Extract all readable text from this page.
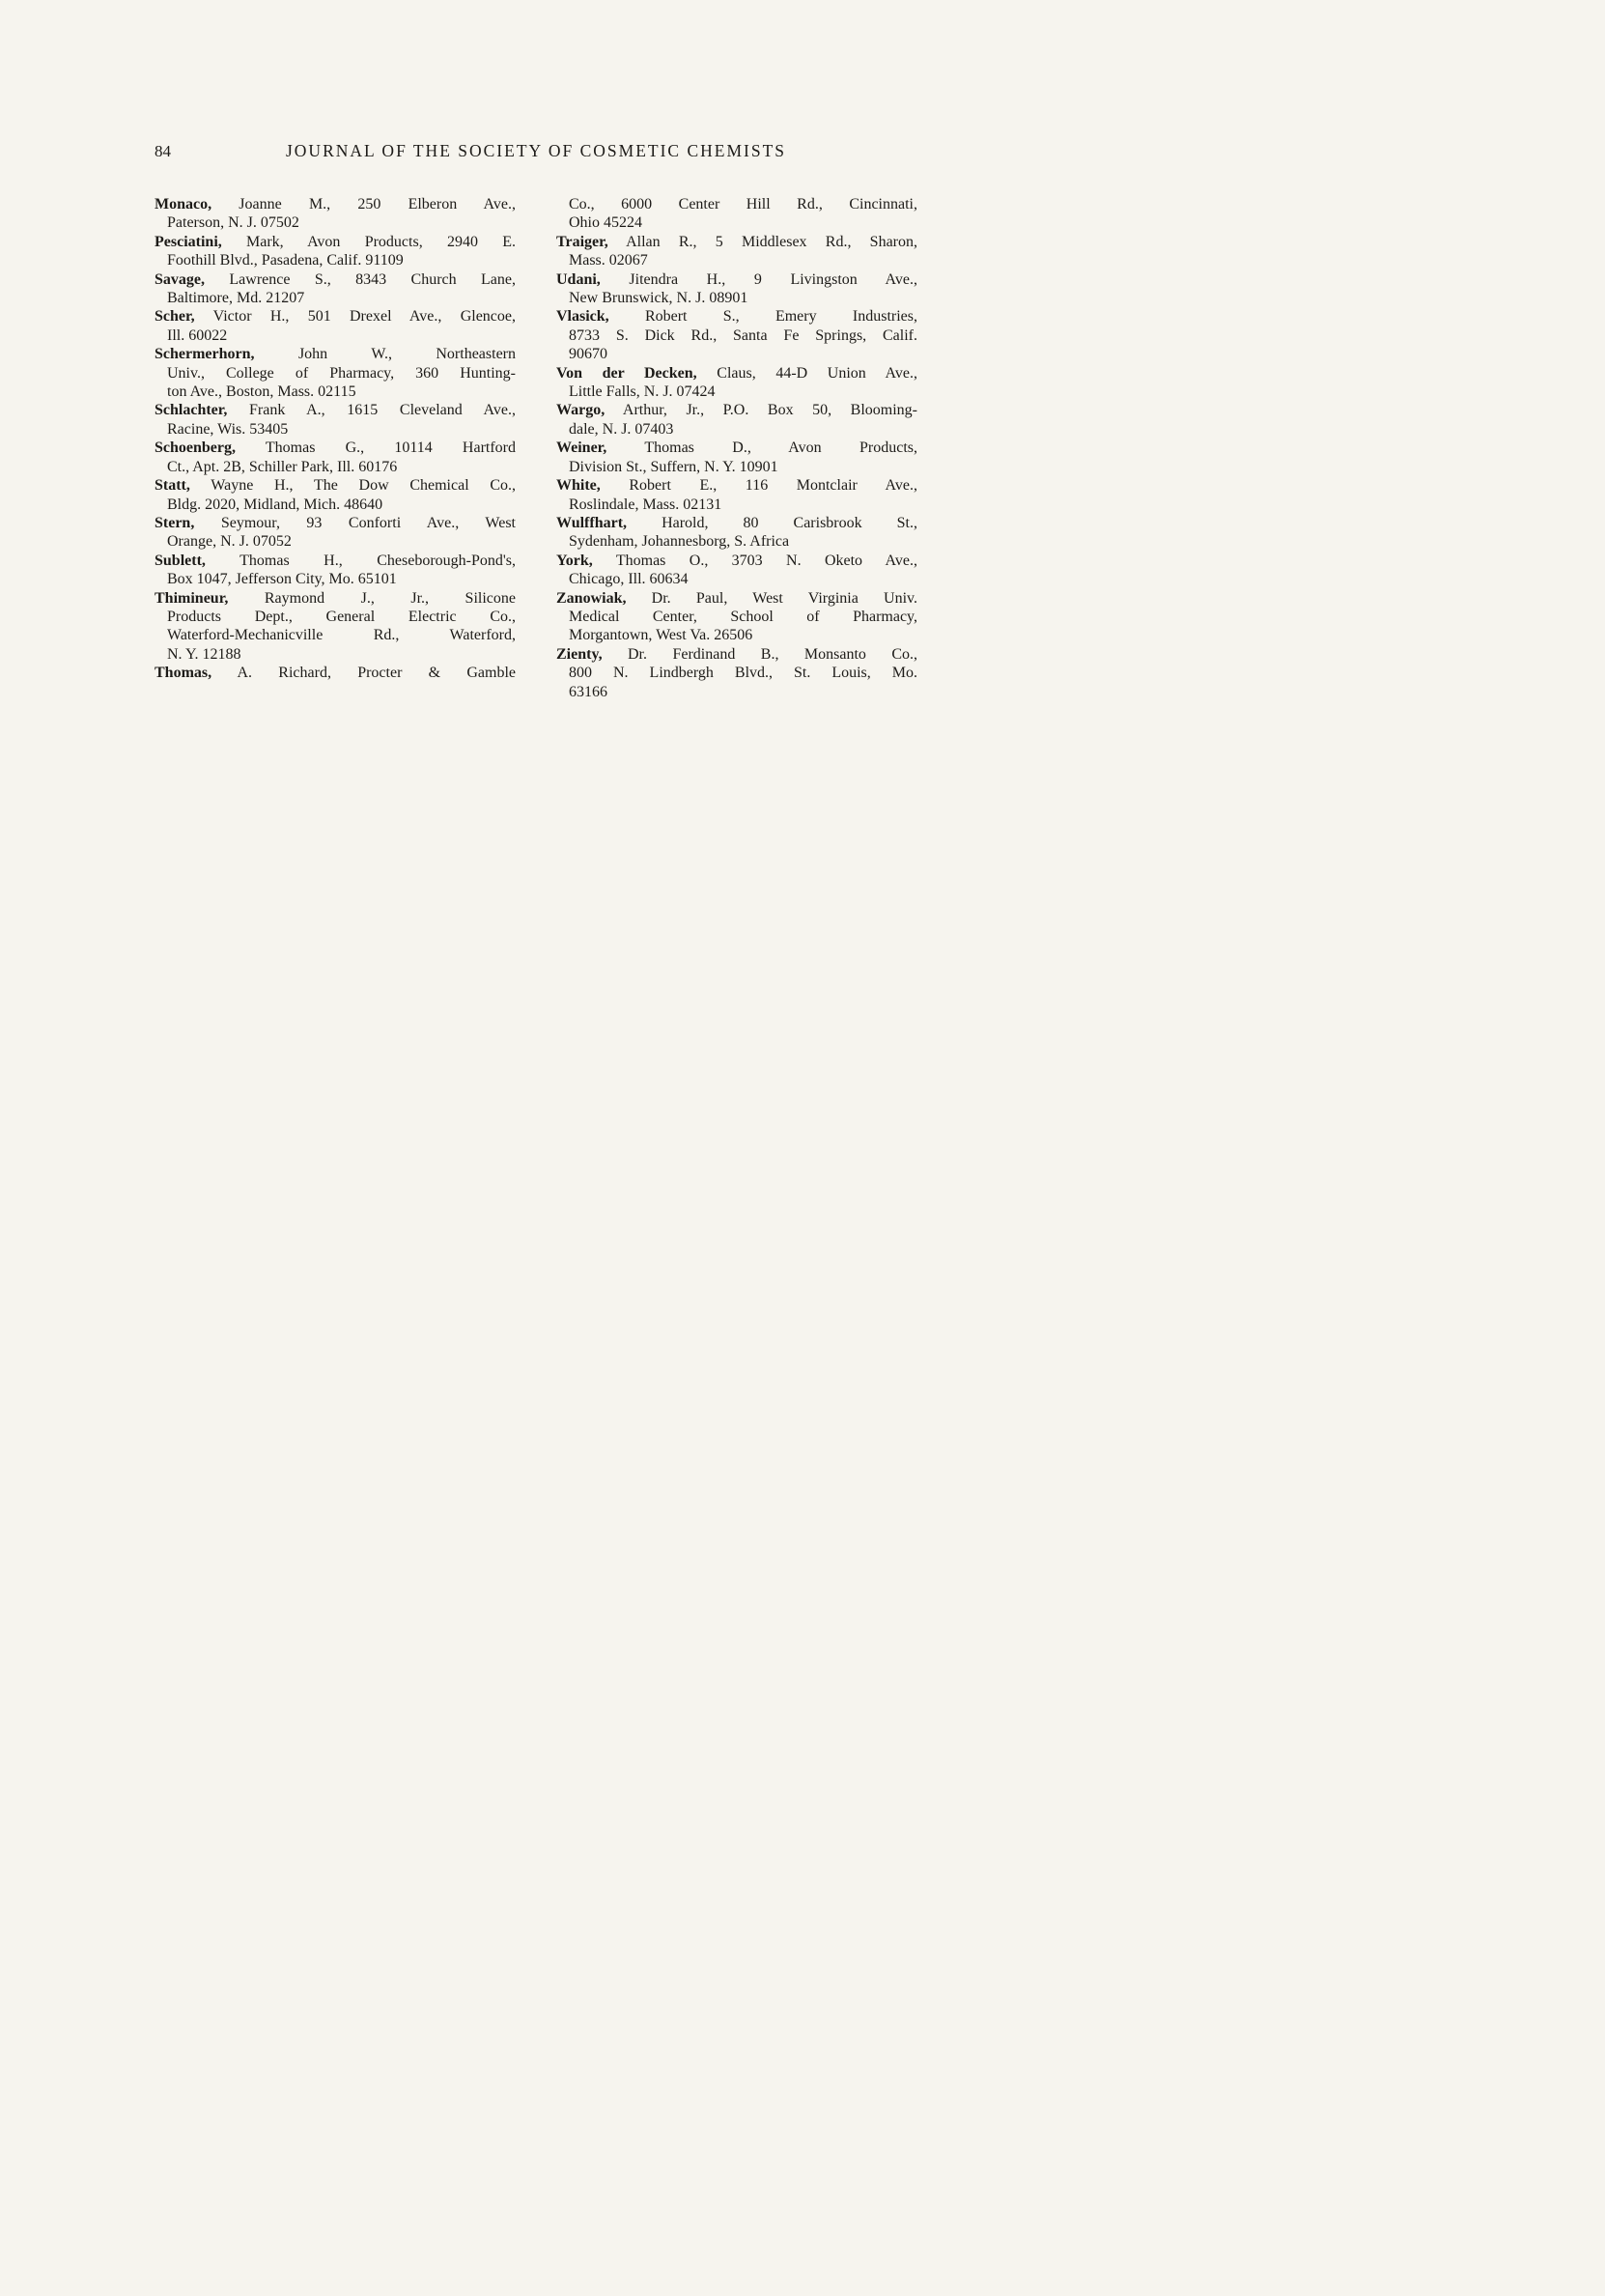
84	JOURNAL OF THE SOCIETY OF COSMETIC CHEMISTS
Monaco, Joanne M., 250 Elberon Ave.,
Paterson, N. J. 07502
Pesciatini, Mark, Avon Products, 2940 E.
Foothill Blvd., Pasadena, Calif. 91109
Savage, Lawrence S., 8343 Church Lane,
Baltimore, Md. 21207
Scher, Victor H., 501 Drexel Ave., Glencoe,
Ill. 60022
Schermerhorn, John W., Northeastern
Univ., College of Pharmacy, 360 Hunting-
ton Ave., Boston, Mass. 02115
Schlachter, Frank A., 1615 Cleveland Ave.,
Racine, Wis. 53405
Schoenberg, Thomas G., 10114 Hartford
Ct., Apt. 2B, Schiller Park, Ill. 60176
Statt, Wayne H., The Dow Chemical Co.,
Bldg. 2020, Midland, Mich. 48640
Stern, Seymour, 93 Conforti Ave., West
Orange, N. J. 07052
Sublett, Thomas H., Cheseborough-Pond's,
Box 1047, Jefferson City, Mo. 65101
Thimineur, Raymond J., Jr., Silicone
Products Dept., General Electric Co.,
Waterford-Mechanicville Rd., Waterford,
N. Y. 12188
Thomas, A. Richard, Procter & Gamble
Co., 6000 Center Hill Rd., Cincinnati,
Ohio 45224
Traiger, Allan R., 5 Middlesex Rd., Sharon,
Mass. 02067
Udani, Jitendra H., 9 Livingston Ave.,
New Brunswick, N. J. 08901
Vlasick, Robert S., Emery Industries,
8733 S. Dick Rd., Santa Fe Springs, Calif.
90670
Von der Decken, Claus, 44-D Union Ave.,
Little Falls, N. J. 07424
Wargo, Arthur, Jr., P.O. Box 50, Blooming-
dale, N. J. 07403
Weiner, Thomas D., Avon Products,
Division St., Suffern, N. Y. 10901
White, Robert E., 116 Montclair Ave.,
Roslindale, Mass. 02131
Wulffhart, Harold, 80 Carisbrook St.,
Sydenham, Johannesborg, S. Africa
York, Thomas O., 3703 N. Oketo Ave.,
Chicago, Ill. 60634
Zanowiak, Dr. Paul, West Virginia Univ.
Medical Center, School of Pharmacy,
Morgantown, West Va. 26506
Zienty, Dr. Ferdinand B., Monsanto Co.,
800 N. Lindbergh Blvd., St. Louis, Mo.
63166
